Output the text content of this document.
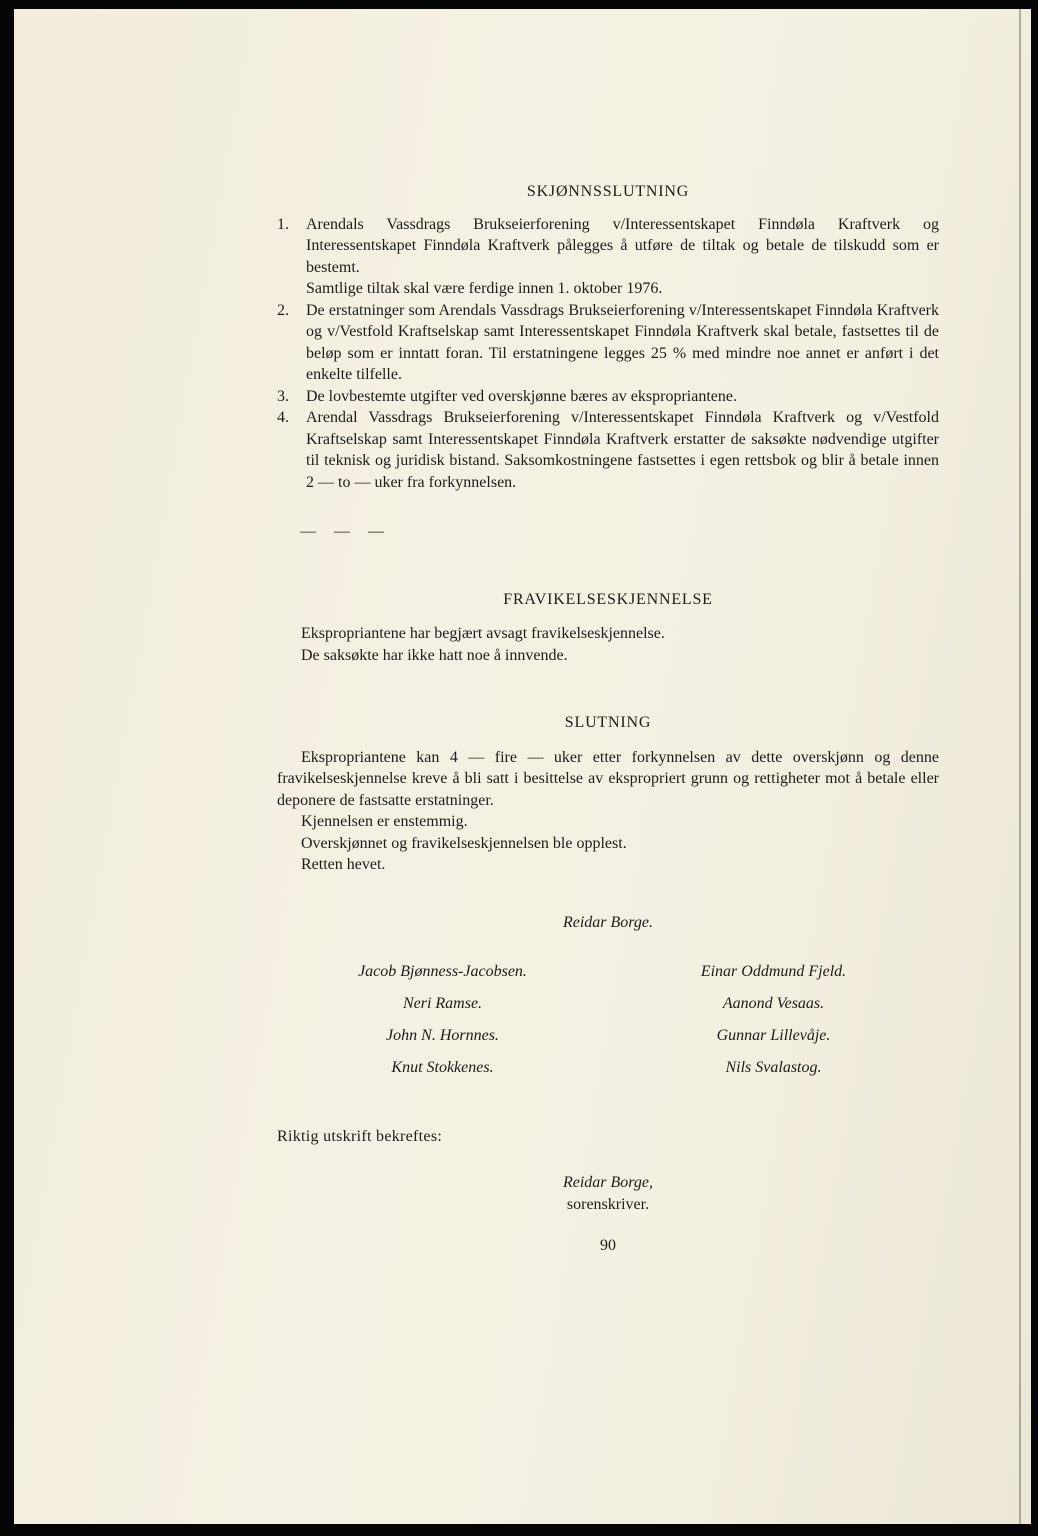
SKJØNNSSLUTNING
1.	Arendals Vassdrags Brukseierforening v/Interessentskapet Finndøla Kraftverk og Interessentskapet Finndøla Kraftverk pålegges å utføre de tiltak og betale de tilskudd som er bestemt.

Samtlige tiltak skal være ferdige innen 1. oktober 1976.

2.	De erstatninger som Arendals Vassdrags Brukseierforening v/Interessentskapet Finndøla Kraftverk og v/Vestfold Kraftselskap samt Interessentskapet Finndøla Kraftverk skal betale, fastsettes til de beløp som er inntatt foran. Til erstatningene legges 25 % med mindre noe annet er anført i det enkelte tilfelle.

3.	De lovbestemte utgifter ved overskjønne bæres av ekspropriantene.

4.	Arendal Vassdrags Brukseierforening v/Interessentskapet Finndøla Kraftverk og v/Vestfold Kraftselskap samt Interessentskapet Finndøla Kraftverk erstatter de saksøkte nødvendige utgifter til teknisk og juridisk bistand. Saksomkostningene fastsettes i egen rettsbok og blir å betale innen 2 — to — uker fra forkynnelsen.

— — —
FRAVIKELSESKJENNELSE

Ekspropriantene har begjært avsagt fravikelseskjennelse.

De saksøkte har ikke hatt noe å innvende.

SLUTNING

Ekspropriantene kan 4 — fire — uker etter forkynnelsen av dette overskjønn og denne fravikelseskjennelse kreve å bli satt i besittelse av ekspropriert grunn og rettigheter mot å betale eller deponere de fastsatte erstatninger.

Kjennelsen er enstemmig.

Overskjønnet og fravikelseskjennelsen ble opplest.

Retten hevet.

Reidar Borge.
Jacob Bjønness-Jacobsen.	Einar Oddmund Fjeld.
Neri Ramse.	Aanond Vesaas.
John N. Hornnes.	Gunnar Lillevåje.
Knut Stokkenes.	Nils Svalastog.

Riktig utskrift bekreftes:

Reidar Borge,
sorenskriver.
90
